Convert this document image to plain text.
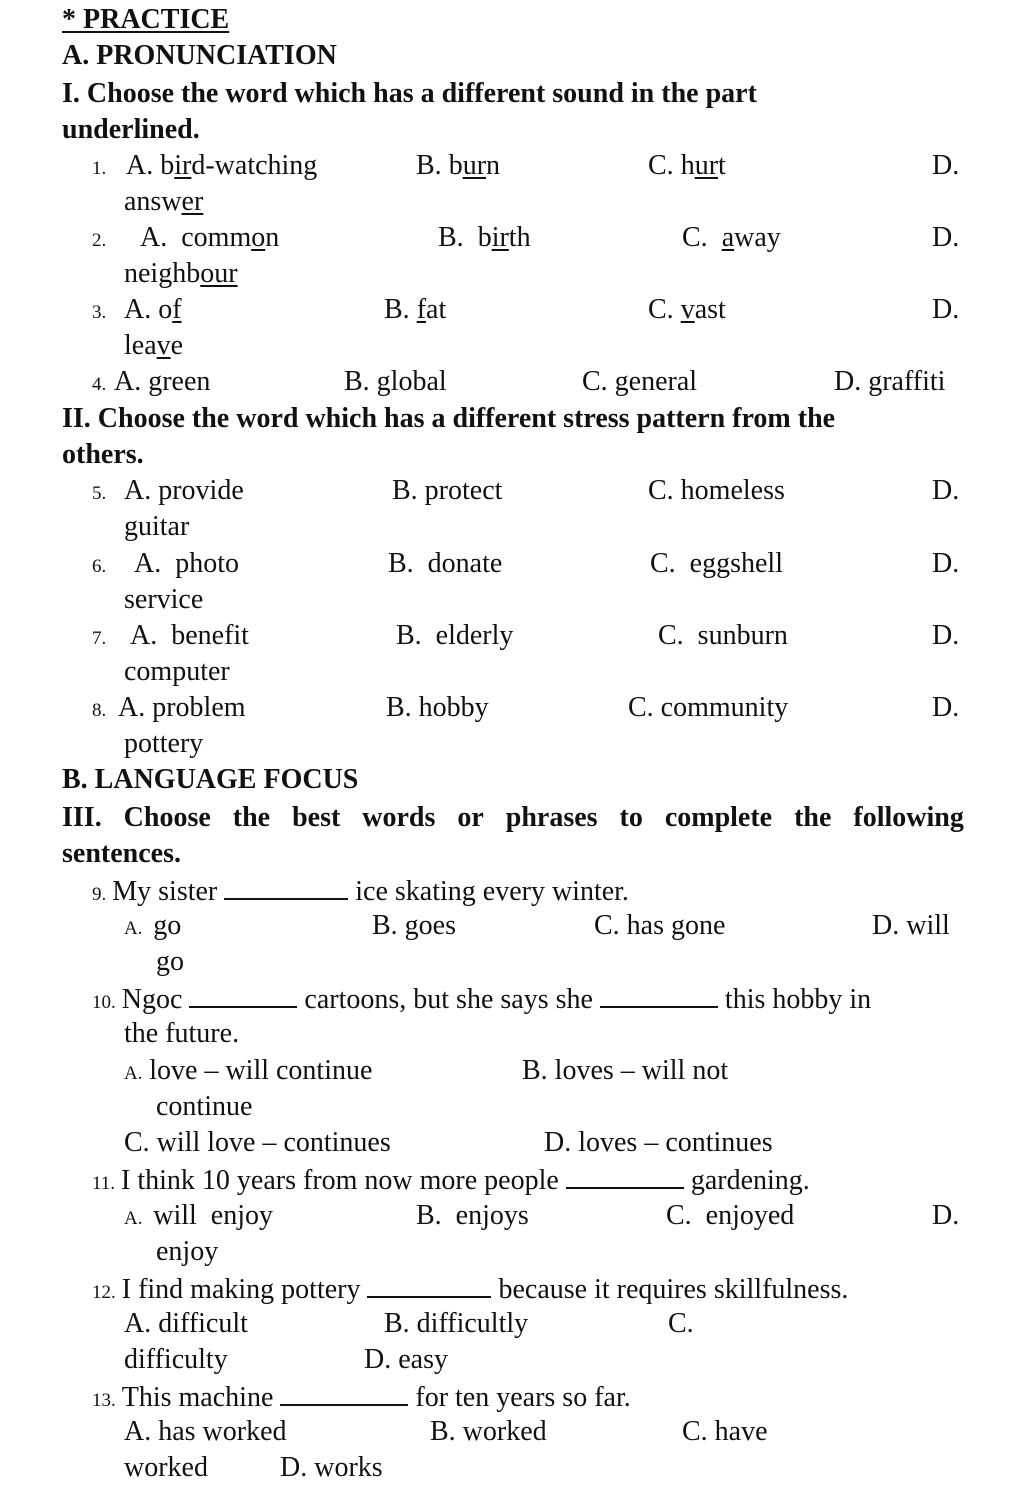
* PRACTICE
A. PRONUNCIATION
I. Choose the word which has a different sound in the part
underlined.
1. A. bird-watching	B. burn	C. hurt	D.
answer
2. A.  common	B.  birth	C.  away	D.
neighbour
3. A. of	B. fat	C. vast	D.
leave
4. A. green	B. global	C. general	D. graffiti
II. Choose the word which has a different stress pattern from the
others.
5. A. provide	B. protect	C. homeless	D.
guitar
6. A.  photo	B.  donate	C.  eggshell	D.
service
7. A.  benefit	B.  elderly	C.  sunburn	D.
computer
8. A. problem	B. hobby	C. community	D.
pottery
B. LANGUAGE FOCUS
III. Choose the best words or phrases to complete the following
sentences.
9. My sister	ice skating every winter.
A. go	B. goes	C. has gone	D. will
go
10. Ngoc	cartoons, but she says she	this hobby in
the future.
A. love – will continue	B. loves – will not
continue
C. will love – continues	D. loves – continues
11. I think 10 years from now more people	gardening.
A. will  enjoy	B.  enjoys	C.  enjoyed	D.
enjoy
12. I find making pottery	because it requires skillfulness.
A. difficult	B. difficultly	C.
difficulty	D. easy
13. This machine	for ten years so far.
A. has worked	B. worked	C. have
worked	D. works
